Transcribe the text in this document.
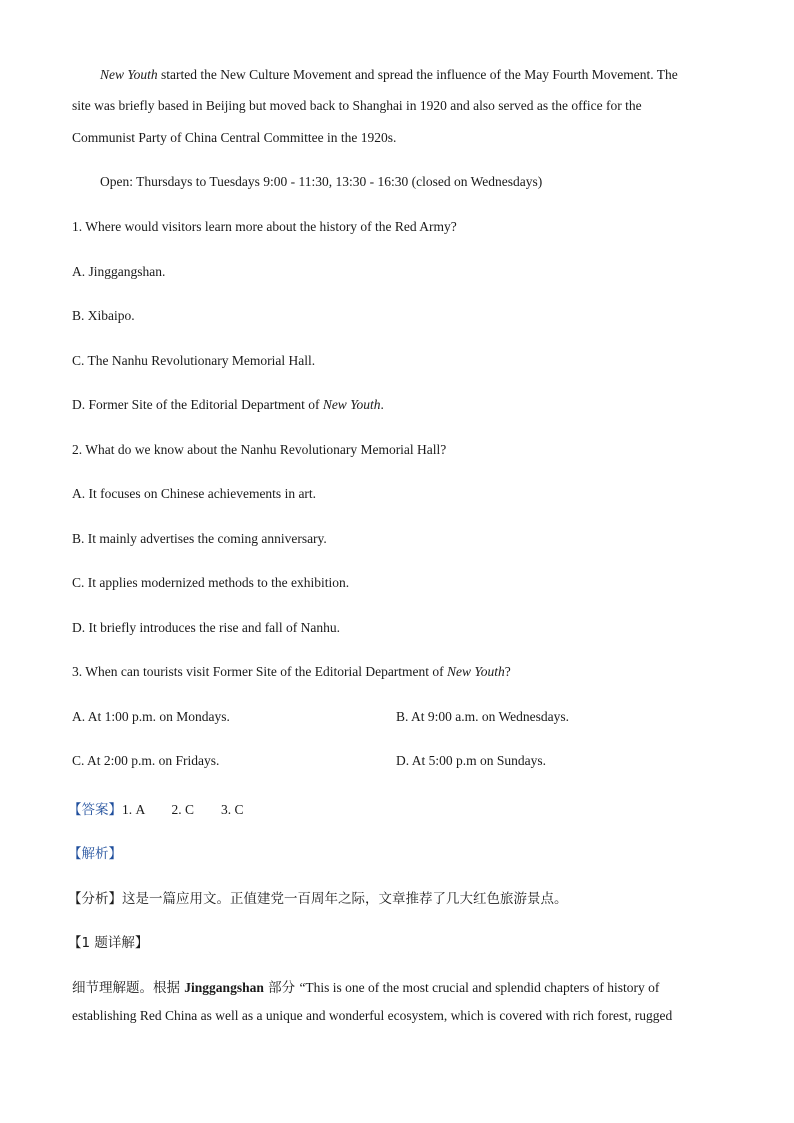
New Youth started the New Culture Movement and spread the influence of the May Fourth Movement. The
site was briefly based in Beijing but moved back to Shanghai in 1920 and also served as the office for the
Communist Party of China Central Committee in the 1920s.
Open: Thursdays to Tuesdays 9:00 - 11:30, 13:30 - 16:30 (closed on Wednesdays)
1. Where would visitors learn more about the history of the Red Army?
A. Jinggangshan.
B. Xibaipo.
C. The Nanhu Revolutionary Memorial Hall.
D. Former Site of the Editorial Department of New Youth.
2. What do we know about the Nanhu Revolutionary Memorial Hall?
A. It focuses on Chinese achievements in art.
B. It mainly advertises the coming anniversary.
C. It applies modernized methods to the exhibition.
D. It briefly introduces the rise and fall of Nanhu.
3. When can tourists visit Former Site of the Editorial Department of New Youth?
A. At 1:00 p.m. on Mondays.	B. At 9:00 a.m. on Wednesdays.
C. At 2:00 p.m. on Fridays.	D. At 5:00 p.m on Sundays.
【答案】1. A        2. C        3. C
【解析】
【分析】这是一篇应用文。正值建党一百周年之际，文章推荐了几大红色旅游景点。
【1 题详解】
细节理解题。根据 Jinggangshan 部分 “This is one of the most crucial and splendid chapters of history of
establishing Red China as well as a unique and wonderful ecosystem, which is covered with rich forest, rugged
